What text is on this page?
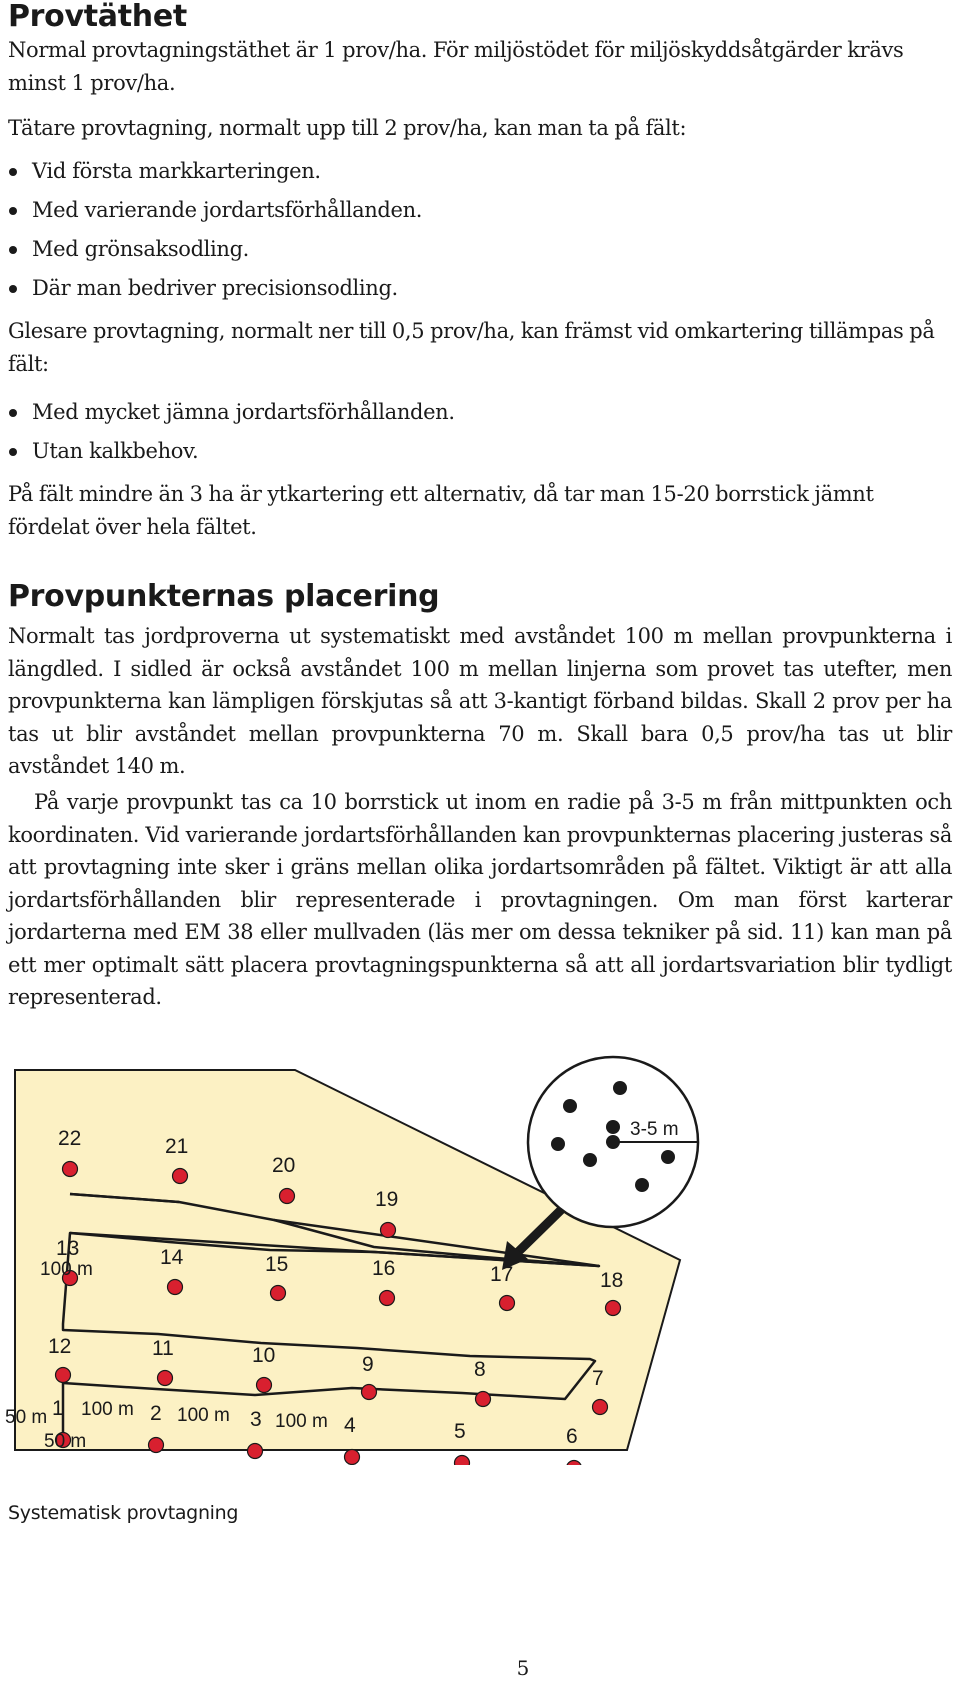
Provtäthet

Normal provtagningstäthet är 1 prov/ha. För miljöstödet för miljöskyddsåtgärder krävs minst 1 prov/ha.

Tätare provtagning, normalt upp till 2 prov/ha, kan man ta på fält:

Vid första markkarteringen.
Med varierande jordartsförhållanden.
Med grönsaksodling.
Där man bedriver precisionsodling.

Glesare provtagning, normalt ner till 0,5 prov/ha, kan främst vid omkartering tillämpas på fält:

Med mycket jämna jordartsförhållanden.
Utan kalkbehov.

På fält mindre än 3 ha är ytkartering ett alternativ, då tar man 15-20 borrstick jämnt fördelat över hela fältet.

Provpunkternas placering

Normalt tas jordproverna ut systematiskt med avståndet 100 m mellan provpunkterna i längdled. I sidled är också avståndet 100 m mellan linjerna som provet tas utefter, men provpunkterna kan lämpligen förskjutas så att 3-kantigt förband bildas. Skall 2 prov per ha tas ut blir avståndet mellan provpunkterna 70 m. Skall bara 0,5 prov/ha tas ut blir avståndet 140 m.

På varje provpunkt tas ca 10 borrstick ut inom en radie på 3-5 m från mittpunkten och koordinaten. Vid varierande jordartsförhållanden kan provpunkternas placering justeras så att provtagning inte sker i gräns mellan olika jordartsområden på fältet. Viktigt är att alla jordartsförhållanden blir representerade i provtagningen. Om man först karterar jordarterna med EM 38 eller mullvaden (läs mer om dessa tekniker på sid. 11) kan man på ett mer optimalt sätt placera provtagningspunkterna så att all jordartsvariation blir tydligt representerad.

3-5 m
1	2	3	4	5	6
7
8
9
10
11
12
13	14	15	16	17	18
19
20
21
22
100 m
100 m 100 m 100 m
50 m
50 m
Systematisk provtagning
5
